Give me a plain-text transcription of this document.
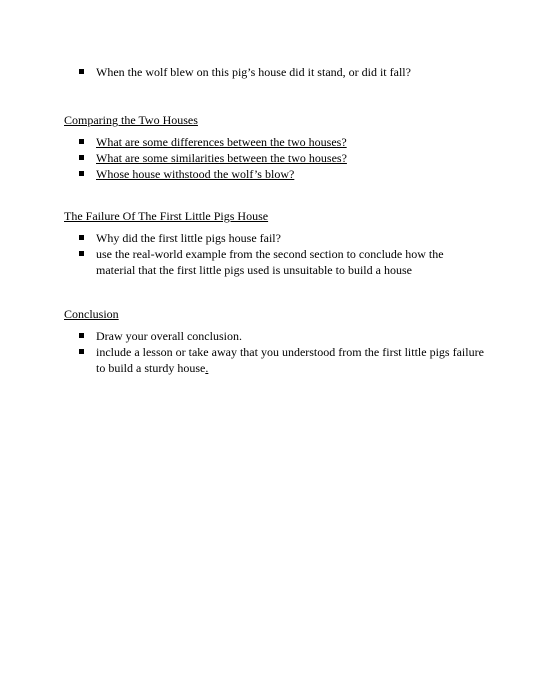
When the wolf blew on this pig’s house did it stand, or did it fall?
Comparing the Two Houses
What are some differences between the two houses?
What are some similarities between the two houses?
Whose house withstood the wolf’s blow?
The Failure Of The First Little Pigs House
Why did the first little pigs house fail?
use the real-world example from the second section to conclude how the material that the first little pigs used is unsuitable to build a house
Conclusion
Draw your overall conclusion.
include a lesson or take away that you understood from the first little pigs failure to build a sturdy house.
